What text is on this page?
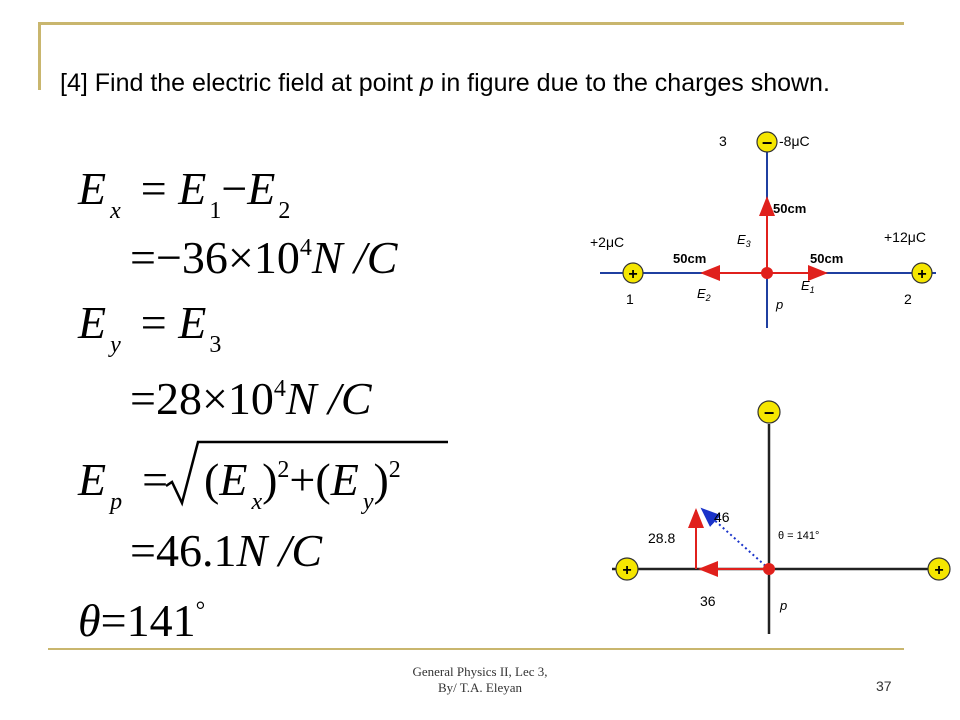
[4] Find the electric field at point p in figure due to the charges shown.
E $_x$ = E $_1$−E $_2$
$=-36\times 10^4N$ /C
E $_y$ = E $_3$
$=28\times 10^4N$ /C
E $_p$ = (E $_x$)$^2$+(E $_y$)$^2$
=46.1N /C
θ=141°
−
+	+
3	-8μC
+2μC
1
+12μC
2
50cm
50cm	50cm
$E_3$
$E_2$
$E_1$
p
−
+	+
28.8
36
46
θ = 141°
p
General Physics II, Lec 3,
By/ T.A. Eleyan	37
